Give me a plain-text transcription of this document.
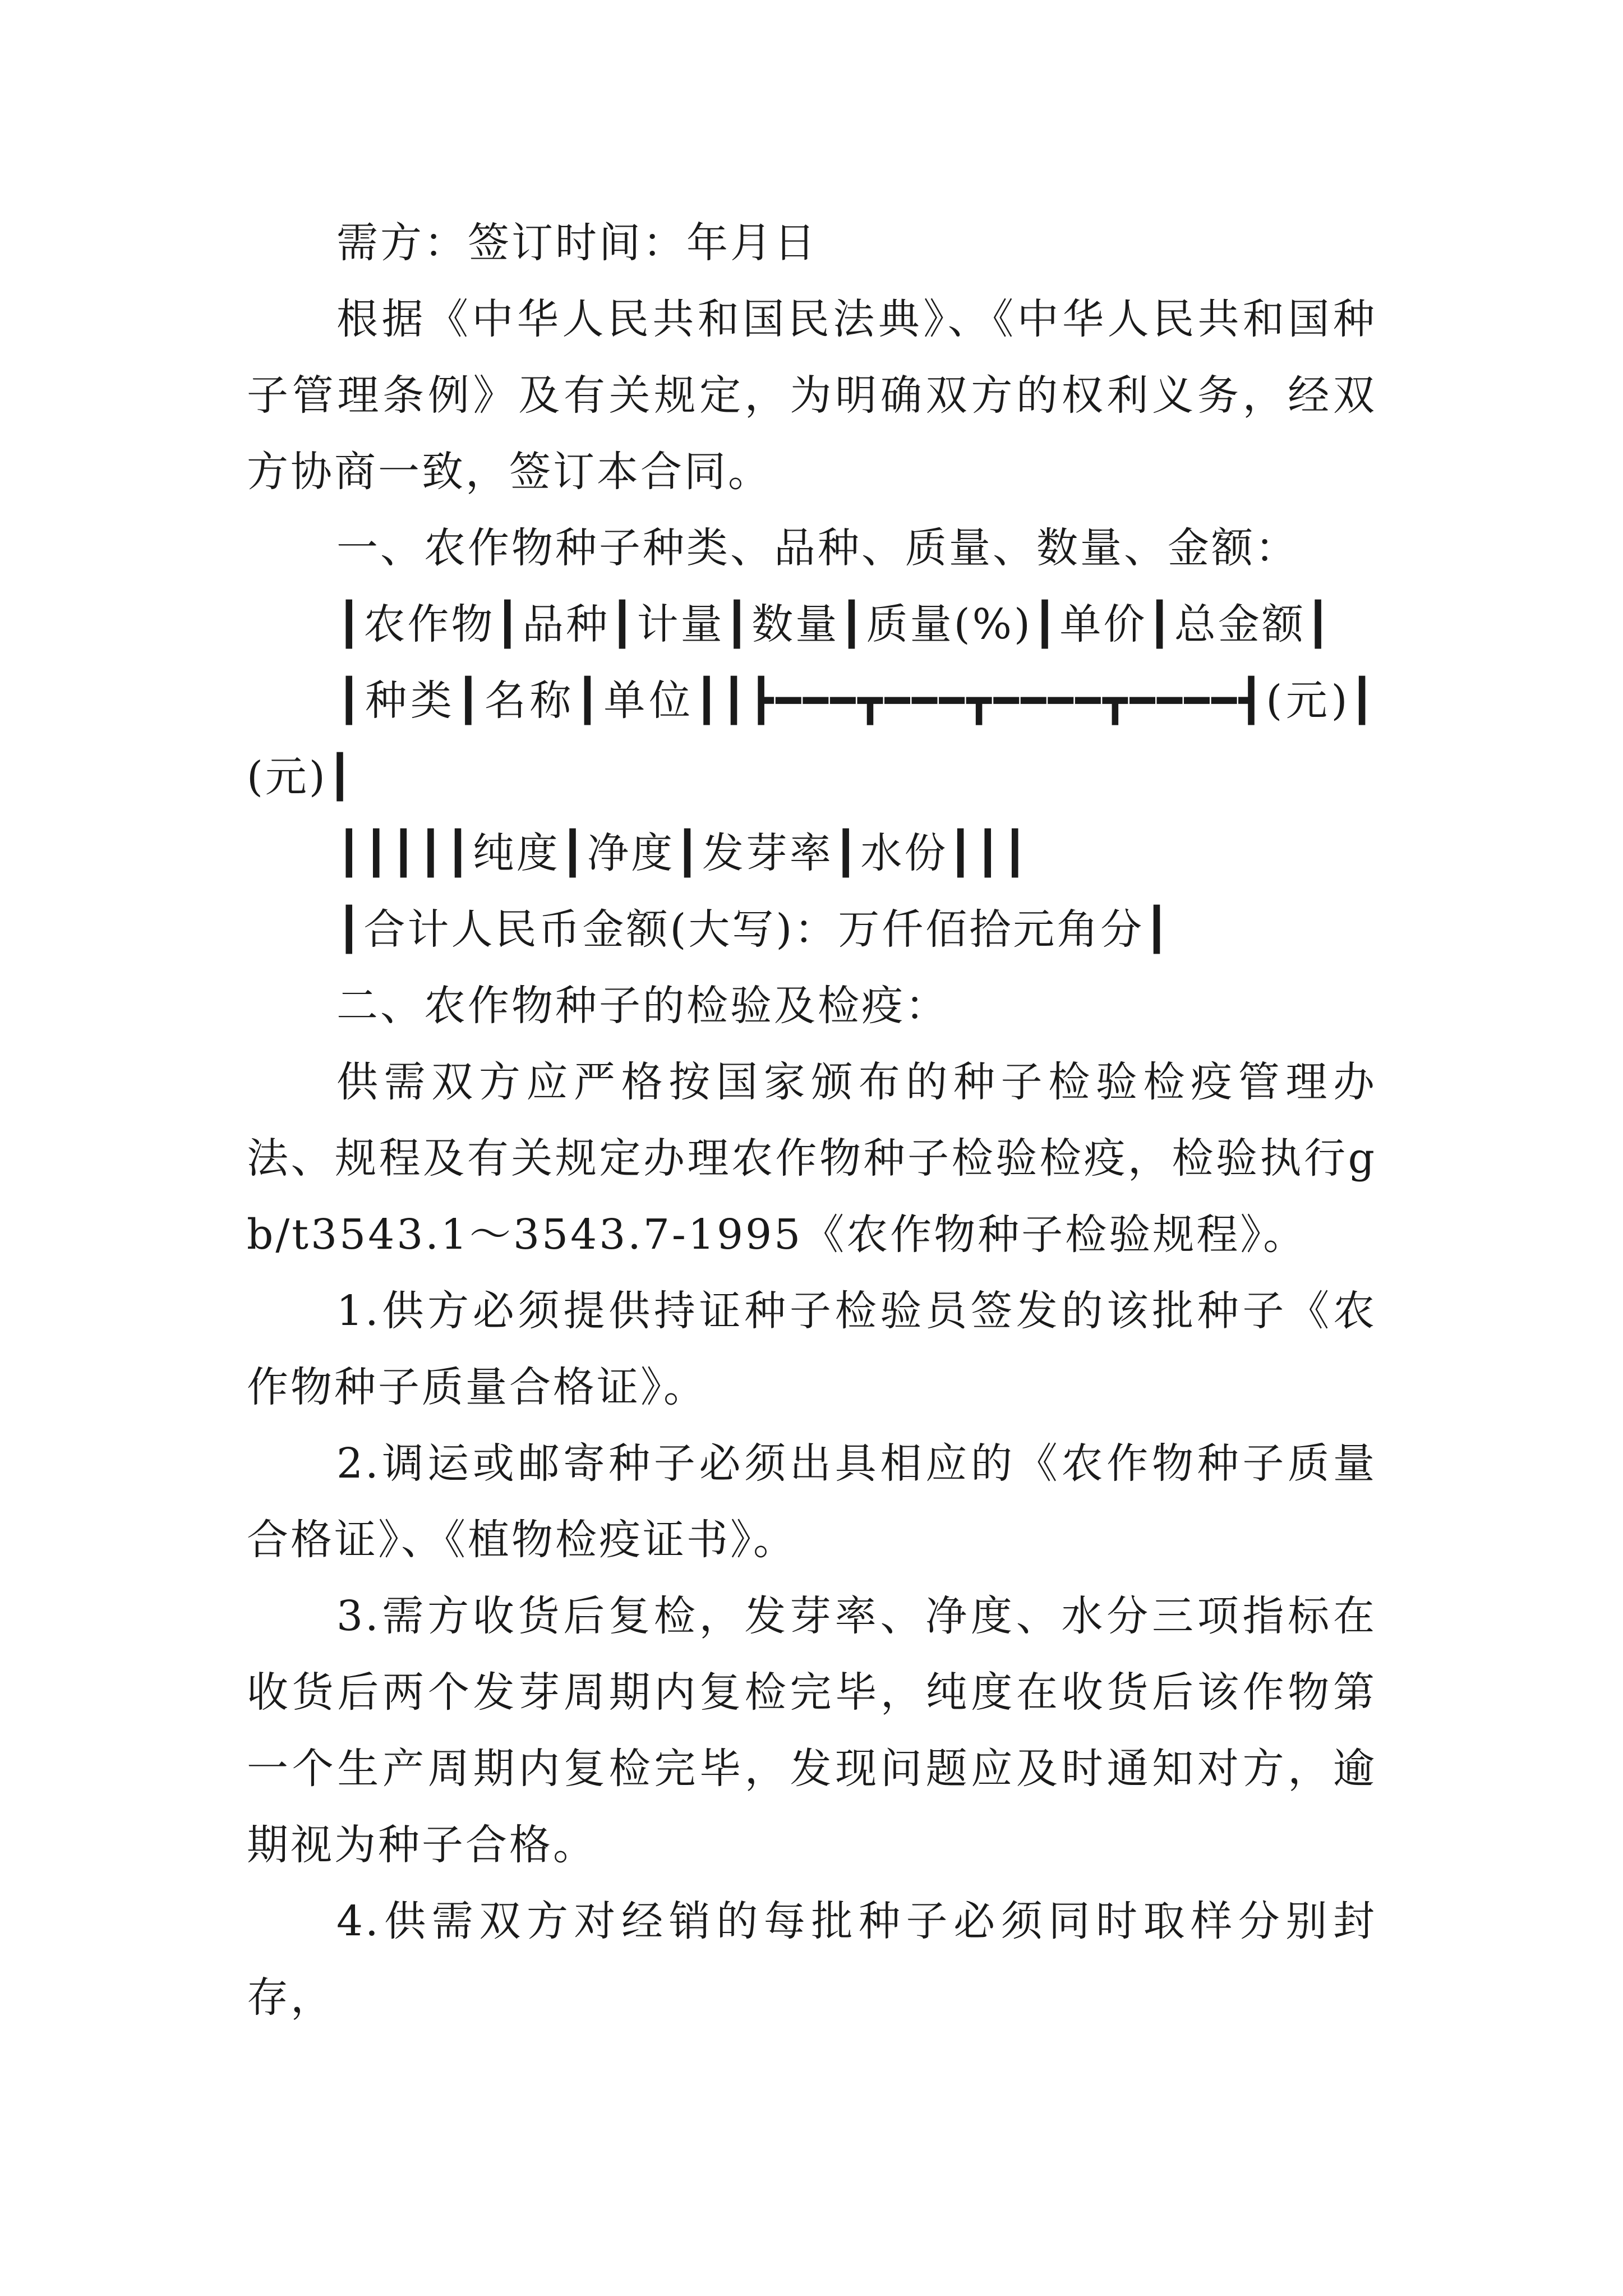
需方：签订时间：年月日

根据《中华人民共和国民法典》、《中华人民共和国种子管理条例》及有关规定，为明确双方的权利义务，经双方协商一致，签订本合同。

一、农作物种子种类、品种、质量、数量、金额：

┃农作物┃品种┃计量┃数量┃质量(%)┃单价┃总金额┃

┃种类┃名称┃单位┃┃┣━━━┳━━━┳━━━━┳━━━━┫(元)┃(元)┃

┃┃┃┃┃纯度┃净度┃发芽率┃水份┃┃┃

┃合计人民币金额(大写)：万仟佰拾元角分┃

二、农作物种子的检验及检疫：

供需双方应严格按国家颁布的种子检验检疫管理办法、规程及有关规定办理农作物种子检验检疫，检验执行gb/t3543.1～3543.7-1995《农作物种子检验规程》。

1.供方必须提供持证种子检验员签发的该批种子《农作物种子质量合格证》。

2.调运或邮寄种子必须出具相应的《农作物种子质量合格证》、《植物检疫证书》。

3.需方收货后复检，发芽率、净度、水分三项指标在收货后两个发芽周期内复检完毕，纯度在收货后该作物第一个生产周期内复检完毕，发现问题应及时通知对方，逾期视为种子合格。

4.供需双方对经销的每批种子必须同时取样分别封存，
